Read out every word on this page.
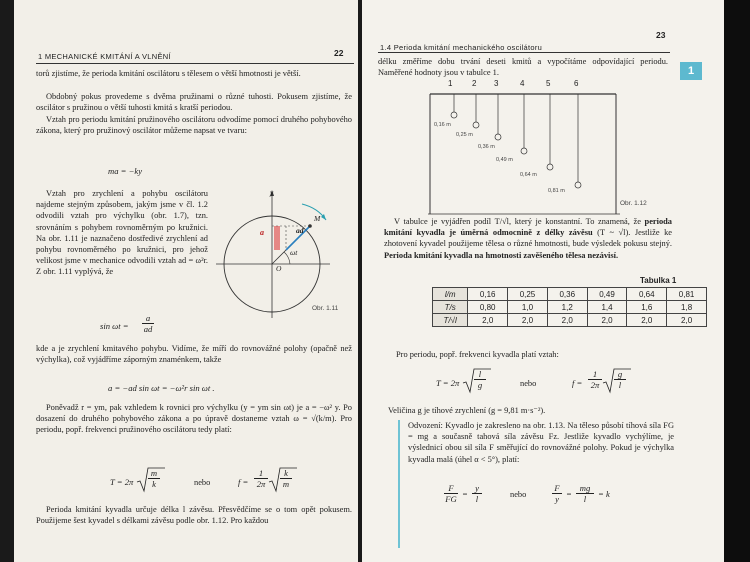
1 MECHANICKÉ KMITÁNÍ A VLNĚNÍ	22
torů zjistíme, že perioda kmitání oscilátoru s tělesem o větší hmotnosti je větší.
Obdobný pokus provedeme s dvěma pružinami o různé tuhosti. Pokusem zjistíme, že oscilátor s pružinou o větší tuhosti kmitá s kratší periodou.
Vztah pro periodu kmitání pružinového oscilátoru odvodíme pomocí druhého pohybového zákona, který pro pružinový oscilátor můžeme napsat ve tvaru:
ma = −ky
Vztah pro zrychlení a pohybu oscilátoru najdeme stejným způsobem, jakým jsme v čl. 1.2 odvodili vztah pro výchylku (obr. 1.7), tzn. srovnáním s pohybem rovnoměrným po kružnici. Na obr. 1.11 je naznačeno dostředivé zrychlení ad pohybu rovnoměrného po kružnici, pro jehož velikost jsme v mechanice odvodili vztah ad = ω²r. Z obr. 1.11 vyplývá, že
y
M
a	ad
ωt
O
Obr. 1.11
sin ωt =
a
ad
kde a je zrychlení kmitavého pohybu. Vidíme, že míří do rovnovážné polohy (opačně než výchylka), což vyjádříme záporným znaménkem, takže
a = −ad sin ωt = −ω²r sin ωt .
Poněvadž r = ym, pak vzhledem k rovnici pro výchylku (y = ym sin ωt) je a = −ω² y. Po dosazení do druhého pohybového zákona a po úpravě dostaneme vztah ω = √(k/m). Pro periodu, popř. frekvenci pružinového oscilátoru tedy platí:
T = 2π
m
k	nebo	f =
1
2π
k
m
Perioda kmitání kyvadla určuje délka l závěsu. Přesvědčíme se o tom opět pokusem. Použijeme šest kyvadel s délkami závěsu podle obr. 1.12. Pro každou
1.4 Perioda kmitání mechanického oscilátoru
23
1
délku změříme dobu trvání deseti kmitů a vypočítáme odpovídající periodu. Naměřené hodnoty jsou v tabulce 1.
1 2 3	4	5	6
0,16 m
0,25 m
0,36 m
0,49 m
0,64 m
0,81 m
Obr. 1.12
V tabulce je vyjádřen podíl T/√l, který je konstantní. To znamená, že perioda kmitání kyvadla je úměrná odmocnině z délky závěsu (T ~ √l). Jestliže ke zhotovení kyvadel použijeme tělesa o různé hmotnosti, bude výsledek pokusu stejný. Perioda kmitání kyvadla na hmotnosti zavěšeného tělesa nezávisí.
Tabulka 1
l/m	0,16	0,25	0,36	0,49	0,64	0,81
T/s	0,80	1,0	1,2	1,4	1,6	1,8
T/√l	2,0	2,0	2,0	2,0	2,0	2,0
Pro periodu, popř. frekvenci kyvadla platí vztah:
T = 2π
l
g	nebo	f =
1
2π
g
l
Veličina g je tíhové zrychlení (g = 9,81 m·s⁻²).
Odvození: Kyvadlo je zakresleno na obr. 1.13. Na těleso působí tíhová síla FG = mg a současně tahová síla závěsu Fz. Jestliže kyvadlo vychýlíme, je výslednicí obou sil síla F směřující do rovnovážné polohy. Pokud je výchylka kyvadla malá (úhel α < 5°), platí:
F
FG =
y
l	nebo
F
y =
mg
l	= k
